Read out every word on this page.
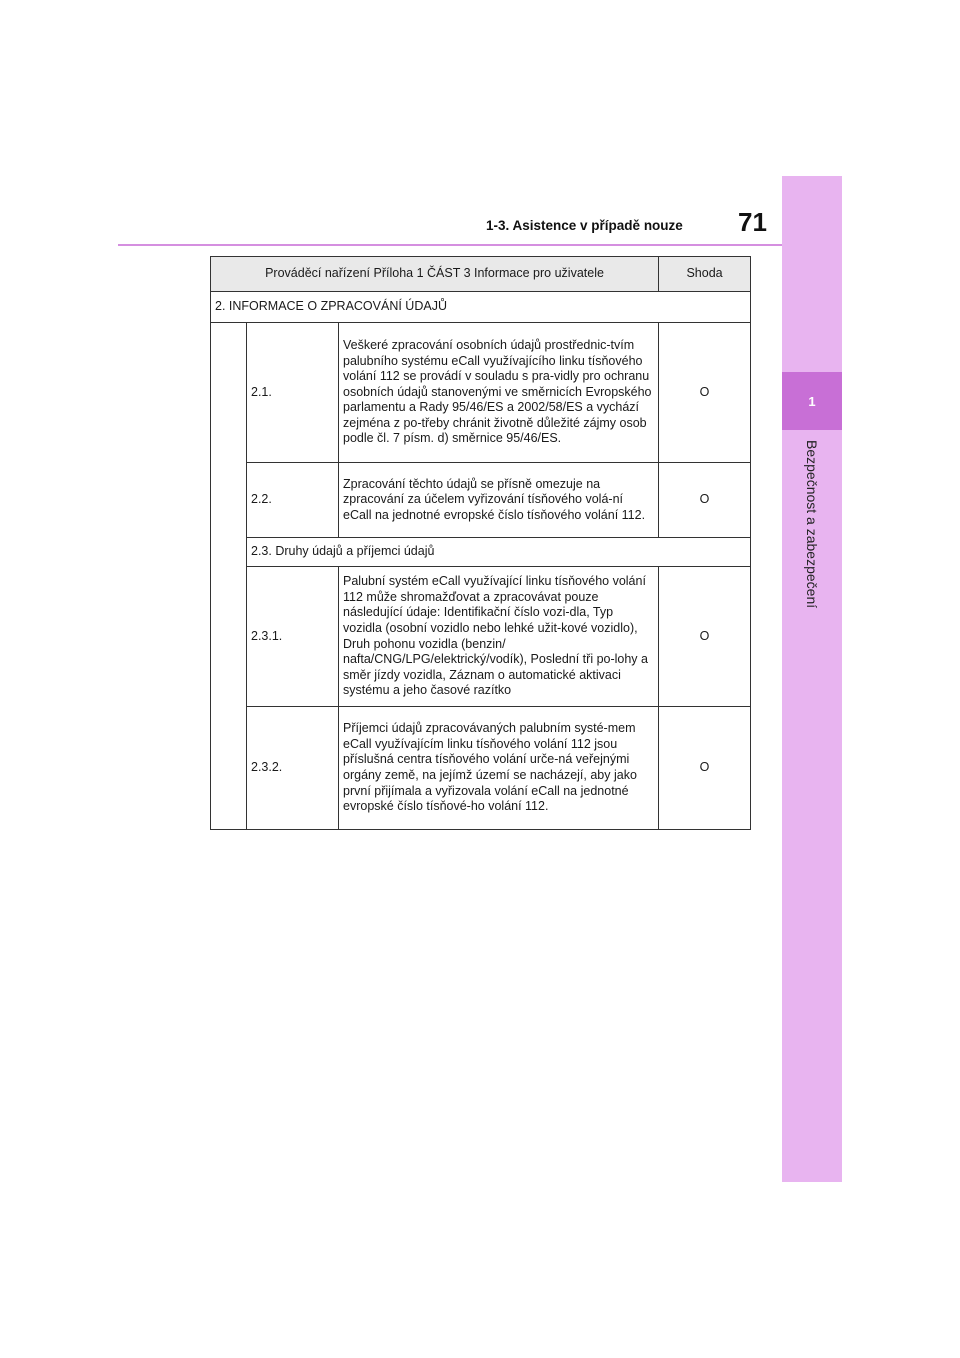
1
Bezpečnost a zabezpečení
1-3. Asistence v případě nouze 71
Prováděcí nařízení Příloha 1 ČÁST 3 Informace pro uživatele			Shoda
2. INFORMACE O ZPRACOVÁNÍ ÚDAJŮ			
	2.1.	Veškeré zpracování osobních údajů prostřednic-tvím palubního systému eCall využívajícího linku tísňového volání 112 se provádí v souladu s pra-vidly pro ochranu osobních údajů stanovenými ve směrnicích Evropského parlamentu a Rady 95/46/ES a 2002/58/ES a vychází zejména z po-třeby chránit životně důležité zájmy osob podle čl. 7 písm. d) směrnice 95/46/ES.	O
	2.2.	Zpracování těchto údajů se přísně omezuje na zpracování za účelem vyřizování tísňového volá-ní eCall na jednotné evropské číslo tísňového volání 112.	O
	2.3. Druhy údajů a příjemci údajů		
	2.3.1.	Palubní systém eCall využívající linku tísňového volání 112 může shromažďovat a zpracovávat pouze následující údaje: Identifikační číslo vozi-dla, Typ vozidla (osobní vozidlo nebo lehké užit-kové vozidlo), Druh pohonu vozidla (benzin/ nafta/CNG/LPG/elektrický/vodík), Poslední tři po-lohy a směr jízdy vozidla, Záznam o automatické aktivaci systému a jeho časové razítko	O
	2.3.2.	Příjemci údajů zpracovávaných palubním systé-mem eCall využívajícím linku tísňového volání 112 jsou příslušná centra tísňového volání urče-ná veřejnými orgány země, na jejímž území se nacházejí, aby jako první přijímala a vyřizovala volání eCall na jednotné evropské číslo tísňové-ho volání 112.	O
